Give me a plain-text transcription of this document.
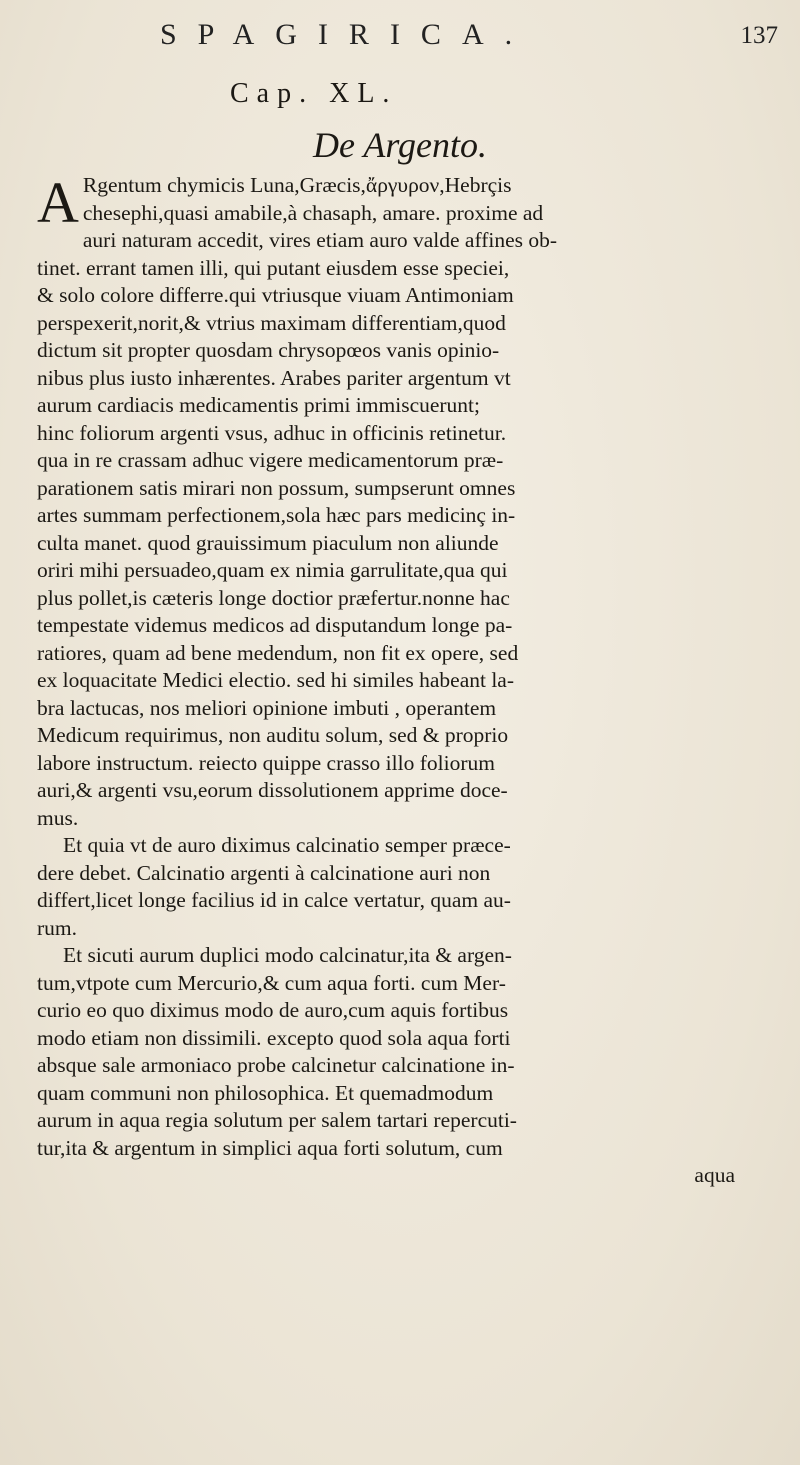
SPAGIRICA.	137
Cap. XL.
De Argento.
A Rgentum chymicis Luna,Græcis,ἄργυρον,Hebrçis
chesephi,quasi amabile,à chasaph, amare. proxime ad
auri naturam accedit, vires etiam auro valde affines ob-
tinet. errant tamen illi, qui putant eiusdem esse speciei,
& solo colore differre.qui vtriusque viuam Antimoniam
perspexerit,norit,& vtrius maximam differentiam,quod
dictum sit propter quosdam chrysopœos vanis opinio-
nibus plus iusto inhærentes. Arabes pariter argentum vt
aurum cardiacis medicamentis primi immiscuerunt;
hinc foliorum argenti vsus, adhuc in officinis retinetur.
qua in re crassam adhuc vigere medicamentorum præ-
parationem satis mirari non possum, sumpserunt omnes
artes summam perfectionem,sola hæc pars medicinç in-
culta manet. quod grauissimum piaculum non aliunde
oriri mihi persuadeo,quam ex nimia garrulitate,qua qui
plus pollet,is cæteris longe doctior præfertur.nonne hac
tempestate videmus medicos ad disputandum longe pa-
ratiores, quam ad bene medendum, non fit ex opere, sed
ex loquacitate Medici electio. sed hi similes habeant la-
bra lactucas, nos meliori opinione imbuti , operantem
Medicum requirimus, non auditu solum, sed & proprio
labore instructum. reiecto quippe crasso illo foliorum
auri,& argenti vsu,eorum dissolutionem apprime doce-
mus.
Et quia vt de auro diximus calcinatio semper præce-
dere debet. Calcinatio argenti à calcinatione auri non
differt,licet longe facilius id in calce vertatur, quam au-
rum.
Et sicuti aurum duplici modo calcinatur,ita & argen-
tum,vtpote cum Mercurio,& cum aqua forti. cum Mer-
curio eo quo diximus modo de auro,cum aquis fortibus
modo etiam non dissimili. excepto quod sola aqua forti
absque sale armoniaco probe calcinetur calcinatione in-
quam communi non philosophica. Et quemadmodum
aurum in aqua regia solutum per salem tartari repercuti-
tur,ita & argentum in simplici aqua forti solutum, cum
aqua
